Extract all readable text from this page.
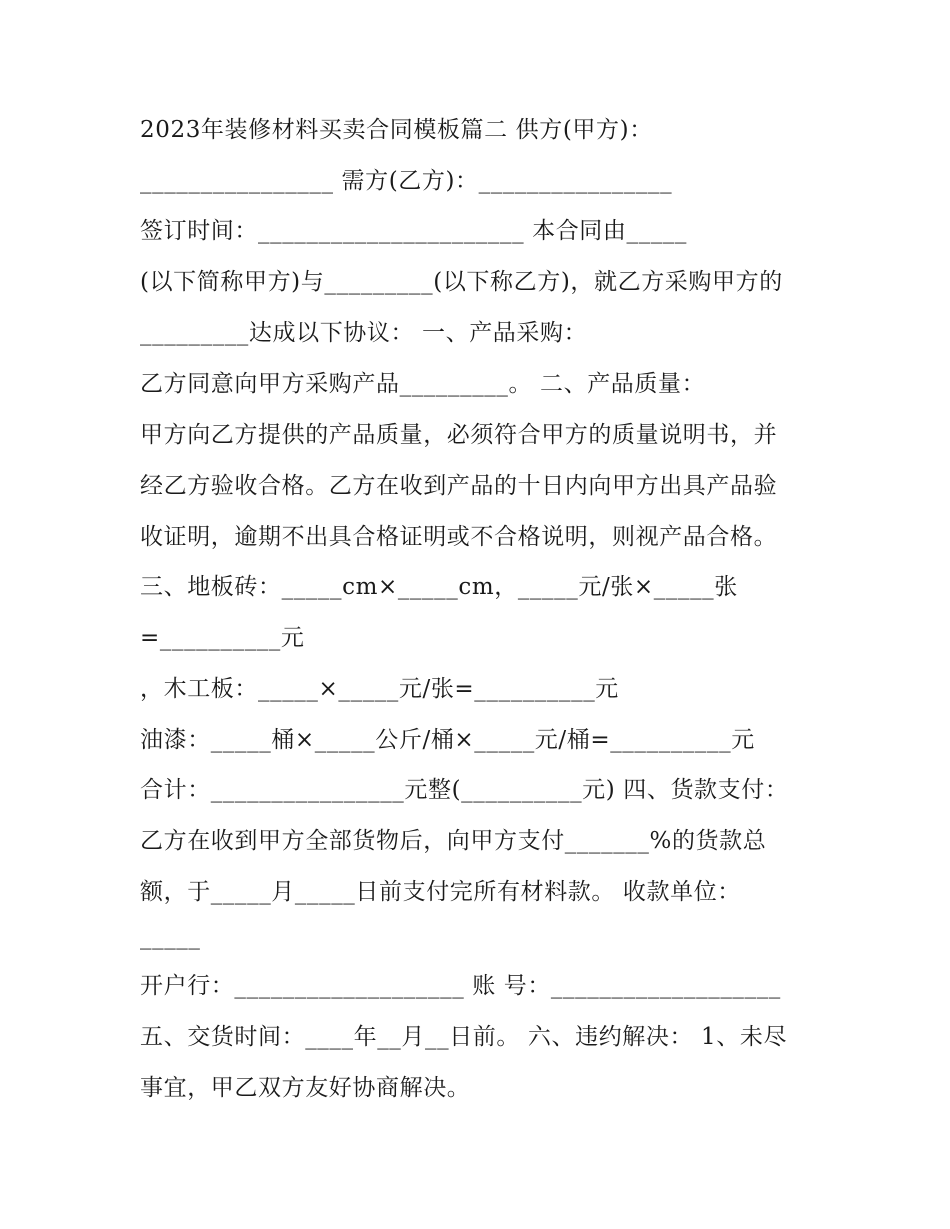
2023年装修材料买卖合同模板篇二 供方(甲方)：
________________ 需方(乙方)：________________
签订时间：______________________ 本合同由_____
(以下简称甲方)与_________(以下称乙方)，就乙方采购甲方的
_________达成以下协议： 一、产品采购：
乙方同意向甲方采购产品_________。 二、产品质量：
甲方向乙方提供的产品质量，必须符合甲方的质量说明书，并
经乙方验收合格。乙方在收到产品的十日内向甲方出具产品验
收证明，逾期不出具合格证明或不合格说明，则视产品合格。
三、地板砖：_____cm×_____cm，_____元/张×_____张
=__________元
，木工板：_____×_____元/张=__________元
油漆：_____桶×_____公斤/桶×_____元/桶=__________元
合计：________________元整(__________元) 四、货款支付：
乙方在收到甲方全部货物后，向甲方支付_______%的货款总
额，于_____月_____日前支付完所有材料款。 收款单位：
_____
开户行：___________________ 账 号：___________________
五、交货时间：____年__月__日前。 六、违约解决： 1、未尽
事宜，甲乙双方友好协商解决。
